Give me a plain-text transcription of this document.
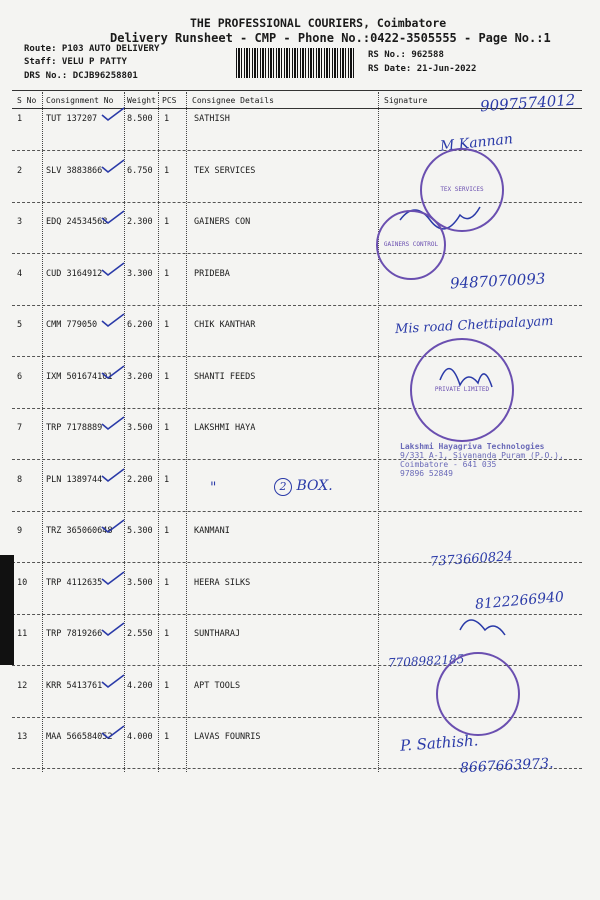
THE PROFESSIONAL COURIERS, Coimbatore
Delivery Runsheet - CMP - Phone No.:0422-3505555 - Page No.:1
Route: P103 AUTO DELIVERY
Staff: VELU P PATTY
DRS No.: DCJB96258801
RS No.: 962588
RS Date: 21-Jun-2022
S No Consignment No Weight PCS Consignee Details	Signature
1	TUT 137207	8.500 1	SATHISH
2	SLV 3883866	6.750 1	TEX SERVICES
3	EDQ 24534568 2.300 1	GAINERS CON
4	CUD 3164912	3.300 1	PRIDEBA
5	CMM 779050	6.200 1	CHIK KANTHAR
6	IXM 501674101 3.200 1	SHANTI FEEDS
7	TRP 7178889	3.500 1	LAKSHMI HAYA
8	PLN 1389744	2.200 1
9	TRZ 365060648 5.300 1	KANMANI
10 TRP 4112635	3.500 1	HEERA SILKS
11 TRP 7819266	2.550 1	SUNTHARAJ
12 KRR 5413761	4.200 1	APT TOOLS
13 MAA 566584052 4.000 1	LAVAS FOUNRIS
9097574012
M Kannan
9487070093
Mis road Chettipalayam
"	2 BOX.
7373660824
8122266940
7708982185
P. Sathish.
8667663973.
TEX SERVICES
GAINERS CONTROL
PRIVATE LIMITED
Lakshmi Hayagriva Technologies
9/331 A-1, Sivananda Puram (P.O.),
Coimbatore - 641 035
97896 52849
